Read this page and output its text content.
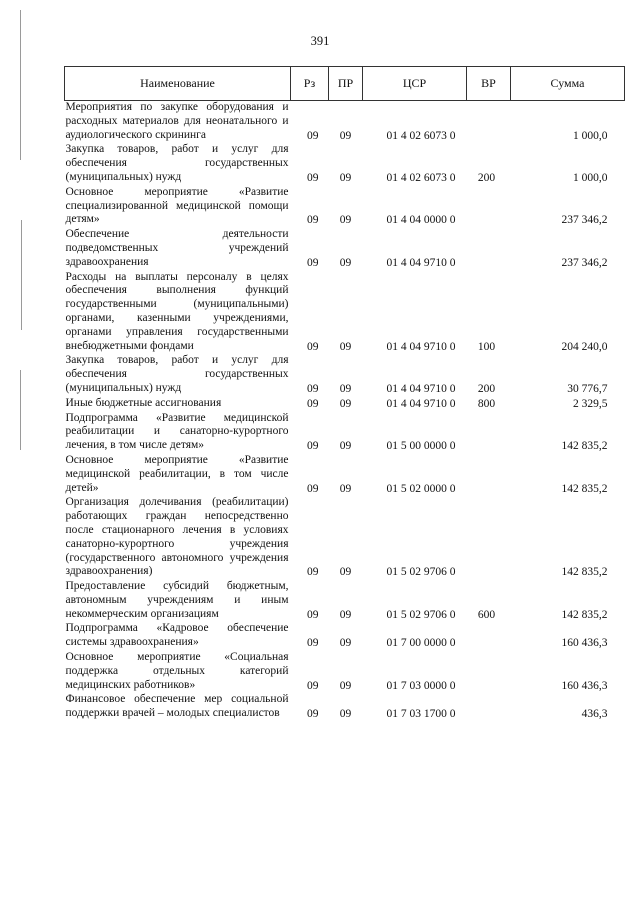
391
Наименование	Рз	ПР	ЦСР	ВР	Сумма
Мероприятия по закупке оборудования и расходных материалов для неонатального и аудиологического скрининга	09	09	01 4 02 6073 0		1 000,0
Закупка товаров, работ и услуг для обеспечения государственных (муниципальных) нужд	09	09	01 4 02 6073 0	200	1 000,0
Основное мероприятие «Развитие специализированной медицинской помощи детям»	09	09	01 4 04 0000 0		237 346,2
Обеспечение деятельности подведомственных учреждений здравоохранения	09	09	01 4 04 9710 0		237 346,2
Расходы на выплаты персоналу в целях обеспечения выполнения функций государственными (муниципальными) органами, казенными учреждениями, органами управления государственными внебюджетными фондами	09	09	01 4 04 9710 0	100	204 240,0
Закупка товаров, работ и услуг для обеспечения государственных (муниципальных) нужд	09	09	01 4 04 9710 0	200	30 776,7
Иные бюджетные ассигнования	09	09	01 4 04 9710 0	800	2 329,5
Подпрограмма «Развитие медицинской реабилитации и санаторно-курортного лечения, в том числе детям»	09	09	01 5 00 0000 0		142 835,2
Основное мероприятие «Развитие медицинской реабилитации, в том числе детей»	09	09	01 5 02 0000 0		142 835,2
Организация долечивания (реабилитации) работающих граждан непосредственно после стационарного лечения в условиях санаторно-курортного учреждения (государственного автономного учреждения здравоохранения)	09	09	01 5 02 9706 0		142 835,2
Предоставление субсидий бюджетным, автономным учреждениям и иным некоммерческим организациям	09	09	01 5 02 9706 0	600	142 835,2
Подпрограмма «Кадровое обеспечение системы здравоохранения»	09	09	01 7 00 0000 0		160 436,3
Основное мероприятие «Социальная поддержка отдельных категорий медицинских работников»	09	09	01 7 03 0000 0		160 436,3
Финансовое обеспечение мер социальной поддержки врачей – молодых специалистов	09	09	01 7 03 1700 0		436,3
